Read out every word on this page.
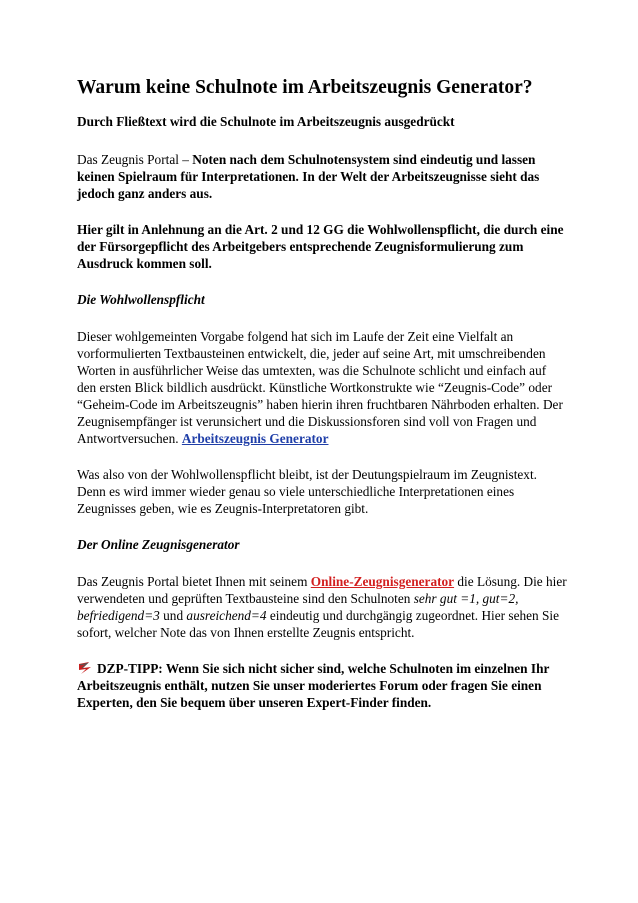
Warum keine Schulnote im Arbeitszeugnis Generator?

Durch Fließtext wird die Schulnote im Arbeitszeugnis ausgedrückt

Das Zeugnis Portal – Noten nach dem Schulnotensystem sind eindeutig und lassen keinen Spielraum für Interpretationen. In der Welt der Arbeitszeugnisse sieht das jedoch ganz anders aus.

Hier gilt in Anlehnung an die Art. 2 und 12 GG die Wohlwollenspflicht, die durch eine der Fürsorgepflicht des Arbeitgebers entsprechende Zeugnisformulierung zum Ausdruck kommen soll.

Die Wohlwollenspflicht

Dieser wohlgemeinten Vorgabe folgend hat sich im Laufe der Zeit eine Vielfalt an vorformulierten Textbausteinen entwickelt, die, jeder auf seine Art, mit umschreibenden Worten in ausführlicher Weise das umtexten, was die Schulnote schlicht und einfach auf den ersten Blick bildlich ausdrückt. Künstliche Wortkonstrukte wie “Zeugnis-Code” oder “Geheim-Code im Arbeitszeugnis” haben hierin ihren fruchtbaren Nährboden erhalten. Der Zeugnisempfänger ist verunsichert und die Diskussionsforen sind voll von Fragen und Antwortversuchen. Arbeitszeugnis Generator

Was also von der Wohlwollenspflicht bleibt, ist der Deutungspielraum im Zeugnistext. Denn es wird immer wieder genau so viele unterschiedliche Interpretationen eines Zeugnisses geben, wie es Zeugnis-Interpretatoren gibt.

Der Online Zeugnisgenerator

Das Zeugnis Portal bietet Ihnen mit seinem Online-Zeugnisgenerator die Lösung. Die hier verwendeten und geprüften Textbausteine sind den Schulnoten sehr gut =1, gut=2, befriedigend=3 und ausreichend=4 eindeutig und durchgängig zugeordnet. Hier sehen Sie sofort, welcher Note das von Ihnen erstellte Zeugnis entspricht.

DZP-TIPP: Wenn Sie sich nicht sicher sind, welche Schulnoten im einzelnen Ihr Arbeitszeugnis enthält, nutzen Sie unser moderiertes Forum oder fragen Sie einen Experten, den Sie bequem über unseren Expert-Finder finden.
